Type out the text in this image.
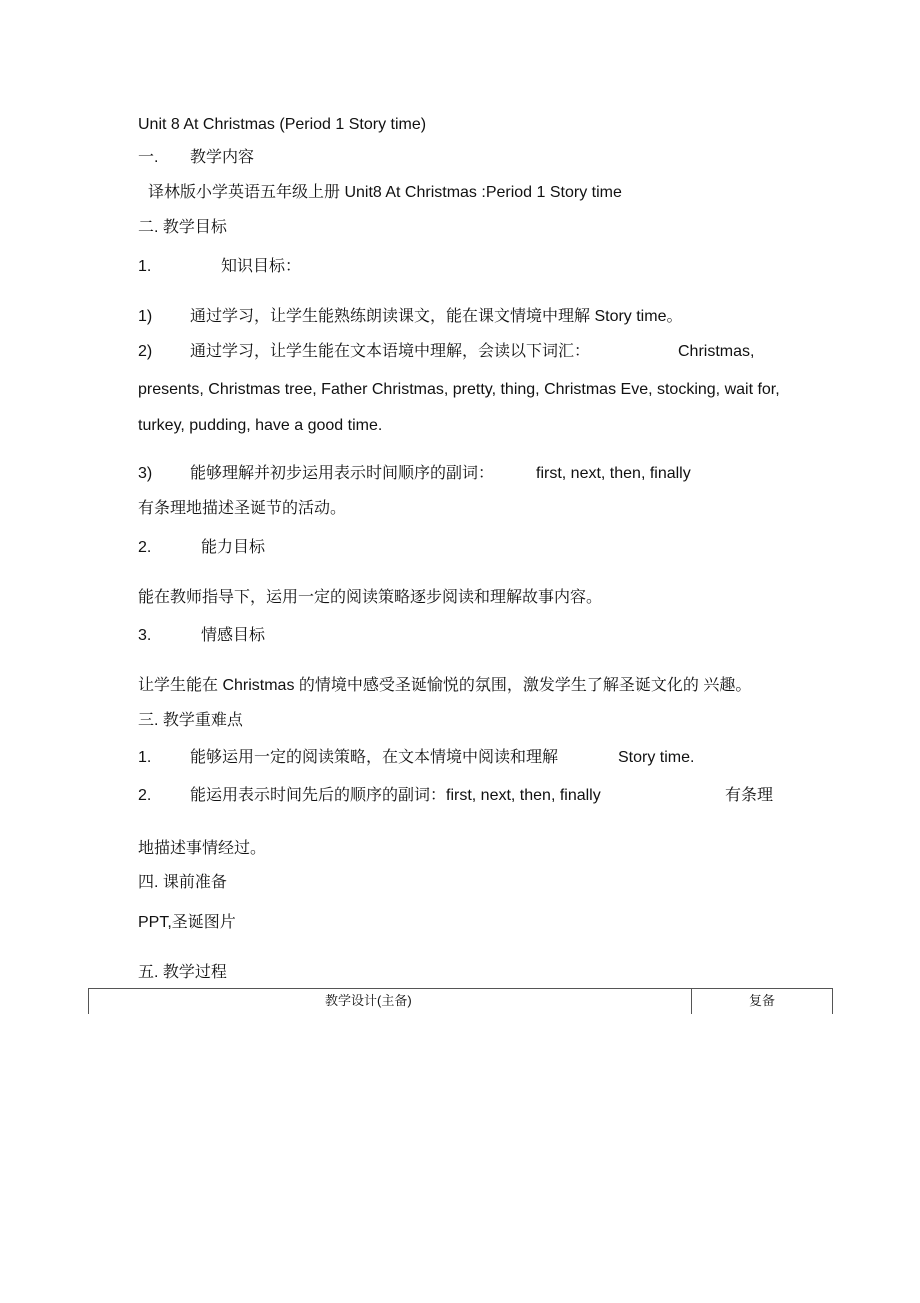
Unit 8 At Christmas (Period 1 Story time)
一. 教学内容
译林版小学英语五年级上册 Unit8 At Christmas :Period 1 Story time
二. 教学目标
1.	知识目标：
1) 通过学习，让学生能熟练朗读课文，能在课文情境中理解 Story time。
2) 通过学习，让学生能在文本语境中理解，会读以下词汇：	Christmas,
presents, Christmas tree, Father Christmas, pretty, thing, Christmas Eve, stocking, wait for,
turkey, pudding, have a good time.
3) 能够理解并初步运用表示时间顺序的副词：	first, next, then, finally
有条理地描述圣诞节的活动。
2.	能力目标
能在教师指导下，运用一定的阅读策略逐步阅读和理解故事内容。
3.	情感目标
让学生能在 Christmas 的情境中感受圣诞愉悦的氛围，激发学生了解圣诞文化的 兴趣。
三. 教学重难点
1. 能够运用一定的阅读策略，在文本情境中阅读和理解	Story time.
2. 能运用表示时间先后的顺序的副词：first, next, then, finally	有条理
地描述事情经过。
四. 课前准备
PPT,圣诞图片
五. 教学过程
教学设计(主备)	复备
